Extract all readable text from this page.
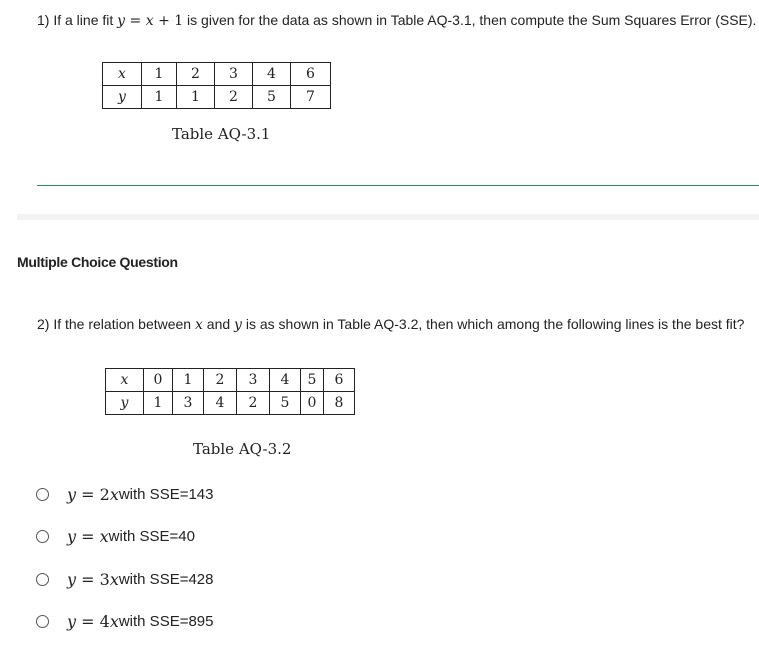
1) If a line fit y = x + 1 is given for the data as shown in Table AQ-3.1, then compute the Sum Squares Error (SSE).
x	1	2	3	4	6
y	1	1	2	5	7
Table AQ-3.1
Multiple Choice Question
2) If the relation between x and y is as shown in Table AQ-3.2, then which among the following lines is the best fit?
x	0	1	2	3	4	5	6
y	1	3	4	2	5	0	8
Table AQ-3.2
y = 2x with SSE=143
y = x with SSE=40
y = 3x with SSE=428
y = 4x with SSE=895
